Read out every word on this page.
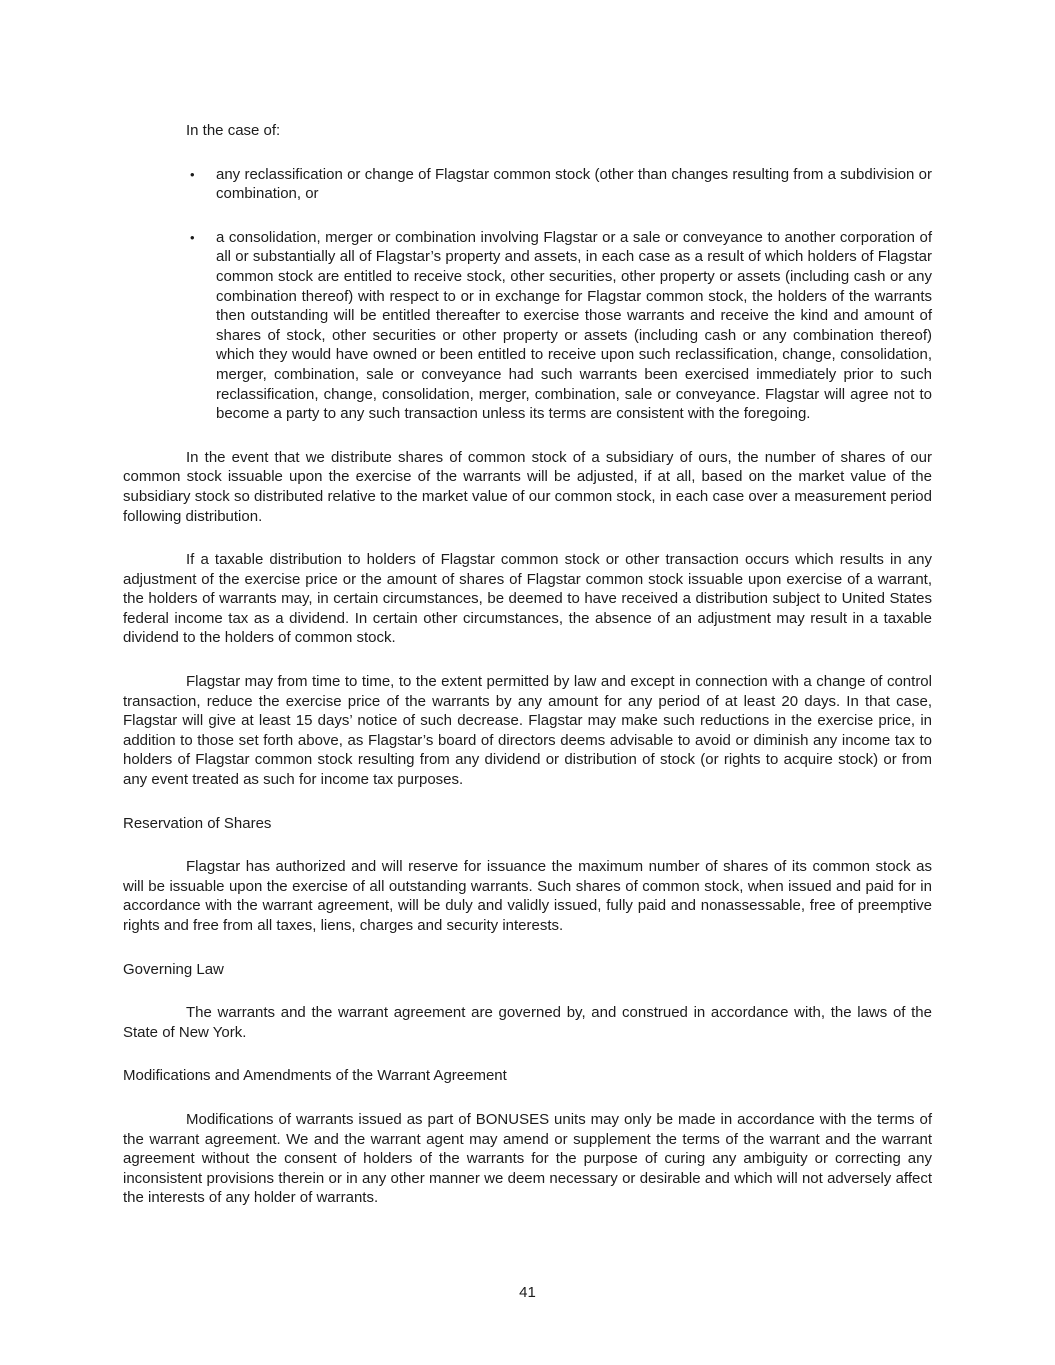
In the case of:

• any reclassification or change of Flagstar common stock (other than changes resulting from a subdivision or combination, or
• a consolidation, merger or combination involving Flagstar or a sale or conveyance to another corporation of all or substantially all of Flagstar’s property and assets, in each case as a result of which holders of Flagstar common stock are entitled to receive stock, other securities, other property or assets (including cash or any combination thereof) with respect to or in exchange for Flagstar common stock, the holders of the warrants then outstanding will be entitled thereafter to exercise those warrants and receive the kind and amount of shares of stock, other securities or other property or assets (including cash or any combination thereof) which they would have owned or been entitled to receive upon such reclassification, change, consolidation, merger, combination, sale or conveyance had such warrants been exercised immediately prior to such reclassification, change, consolidation, merger, combination, sale or conveyance. Flagstar will agree not to become a party to any such transaction unless its terms are consistent with the foregoing.

In the event that we distribute shares of common stock of a subsidiary of ours, the number of shares of our common stock issuable upon the exercise of the warrants will be adjusted, if at all, based on the market value of the subsidiary stock so distributed relative to the market value of our common stock, in each case over a measurement period following distribution.

If a taxable distribution to holders of Flagstar common stock or other transaction occurs which results in any adjustment of the exercise price or the amount of shares of Flagstar common stock issuable upon exercise of a warrant, the holders of warrants may, in certain circumstances, be deemed to have received a distribution subject to United States federal income tax as a dividend. In certain other circumstances, the absence of an adjustment may result in a taxable dividend to the holders of common stock.

Flagstar may from time to time, to the extent permitted by law and except in connection with a change of control transaction, reduce the exercise price of the warrants by any amount for any period of at least 20 days. In that case, Flagstar will give at least 15 days’ notice of such decrease. Flagstar may make such reductions in the exercise price, in addition to those set forth above, as Flagstar’s board of directors deems advisable to avoid or diminish any income tax to holders of Flagstar common stock resulting from any dividend or distribution of stock (or rights to acquire stock) or from any event treated as such for income tax purposes.

Reservation of Shares

Flagstar has authorized and will reserve for issuance the maximum number of shares of its common stock as will be issuable upon the exercise of all outstanding warrants. Such shares of common stock, when issued and paid for in accordance with the warrant agreement, will be duly and validly issued, fully paid and nonassessable, free of preemptive rights and free from all taxes, liens, charges and security interests.

Governing Law

The warrants and the warrant agreement are governed by, and construed in accordance with, the laws of the State of New York.

Modifications and Amendments of the Warrant Agreement

Modifications of warrants issued as part of BONUSES units may only be made in accordance with the terms of the warrant agreement. We and the warrant agent may amend or supplement the terms of the warrant and the warrant agreement without the consent of holders of the warrants for the purpose of curing any ambiguity or correcting any inconsistent provisions therein or in any other manner we deem necessary or desirable and which will not adversely affect the interests of any holder of warrants.

41
